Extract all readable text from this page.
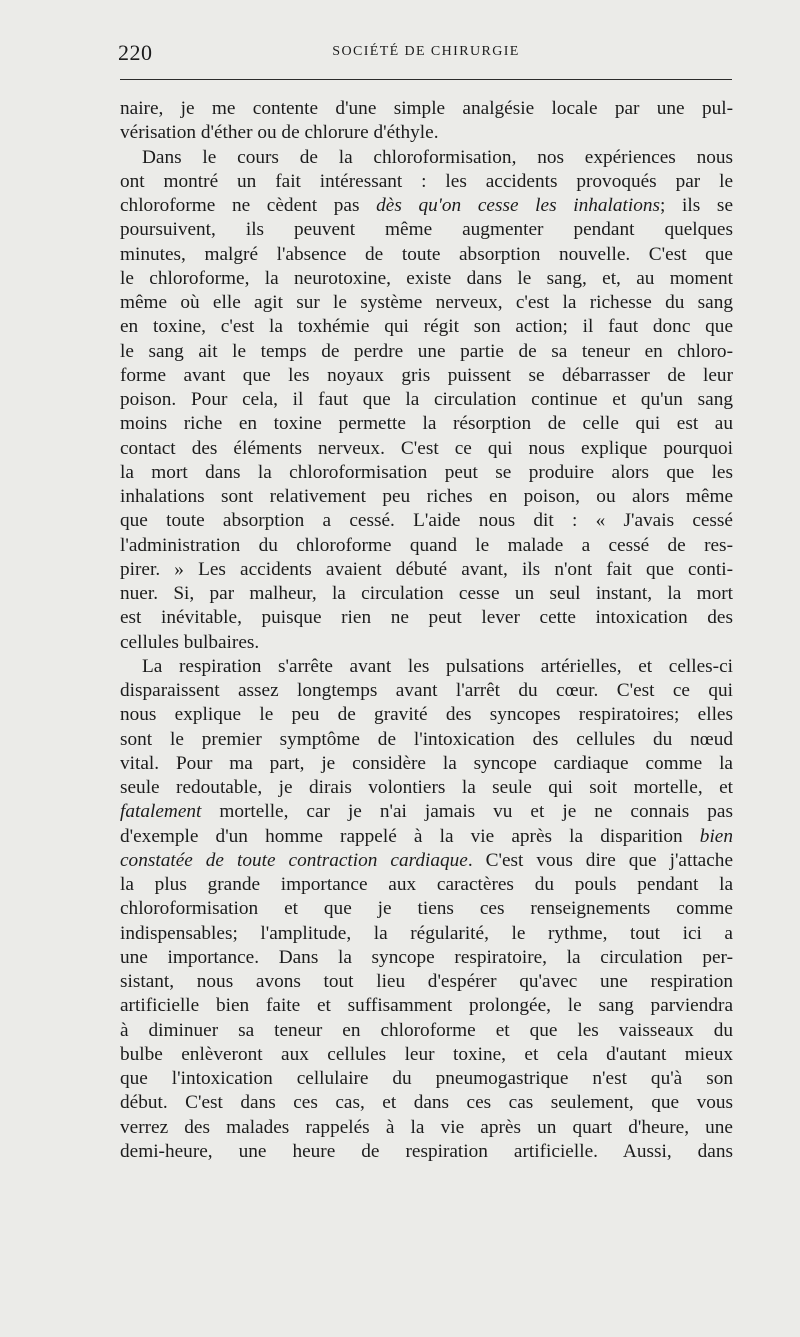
220	SOCIÉTÉ DE CHIRURGIE
naire, je me contente d'une simple analgésie locale par une pul-
vérisation d'éther ou de chlorure d'éthyle.
Dans le cours de la chloroformisation, nos expériences nous
ont montré un fait intéressant : les accidents provoqués par le
chloroforme ne cèdent pas dès qu'on cesse les inhalations; ils se
poursuivent, ils peuvent même augmenter pendant quelques
minutes, malgré l'absence de toute absorption nouvelle. C'est que
le chloroforme, la neurotoxine, existe dans le sang, et, au moment
même où elle agit sur le système nerveux, c'est la richesse du sang
en toxine, c'est la toxhémie qui régit son action; il faut donc que
le sang ait le temps de perdre une partie de sa teneur en chloro-
forme avant que les noyaux gris puissent se débarrasser de leur
poison. Pour cela, il faut que la circulation continue et qu'un sang
moins riche en toxine permette la résorption de celle qui est au
contact des éléments nerveux. C'est ce qui nous explique pourquoi
la mort dans la chloroformisation peut se produire alors que les
inhalations sont relativement peu riches en poison, ou alors même
que toute absorption a cessé. L'aide nous dit : « J'avais cessé
l'administration du chloroforme quand le malade a cessé de res-
pirer. » Les accidents avaient débuté avant, ils n'ont fait que conti-
nuer. Si, par malheur, la circulation cesse un seul instant, la mort
est inévitable, puisque rien ne peut lever cette intoxication des
cellules bulbaires.
La respiration s'arrête avant les pulsations artérielles, et celles-ci
disparaissent assez longtemps avant l'arrêt du cœur. C'est ce qui
nous explique le peu de gravité des syncopes respiratoires; elles
sont le premier symptôme de l'intoxication des cellules du nœud
vital. Pour ma part, je considère la syncope cardiaque comme la
seule redoutable, je dirais volontiers la seule qui soit mortelle, et
fatalement mortelle, car je n'ai jamais vu et je ne connais pas
d'exemple d'un homme rappelé à la vie après la disparition bien
constatée de toute contraction cardiaque. C'est vous dire que j'attache
la plus grande importance aux caractères du pouls pendant la
chloroformisation et que je tiens ces renseignements comme
indispensables; l'amplitude, la régularité, le rythme, tout ici a
une importance. Dans la syncope respiratoire, la circulation per-
sistant, nous avons tout lieu d'espérer qu'avec une respiration
artificielle bien faite et suffisamment prolongée, le sang parviendra
à diminuer sa teneur en chloroforme et que les vaisseaux du
bulbe enlèveront aux cellules leur toxine, et cela d'autant mieux
que l'intoxication cellulaire du pneumogastrique n'est qu'à son
début. C'est dans ces cas, et dans ces cas seulement, que vous
verrez des malades rappelés à la vie après un quart d'heure, une
demi-heure, une heure de respiration artificielle. Aussi, dans
